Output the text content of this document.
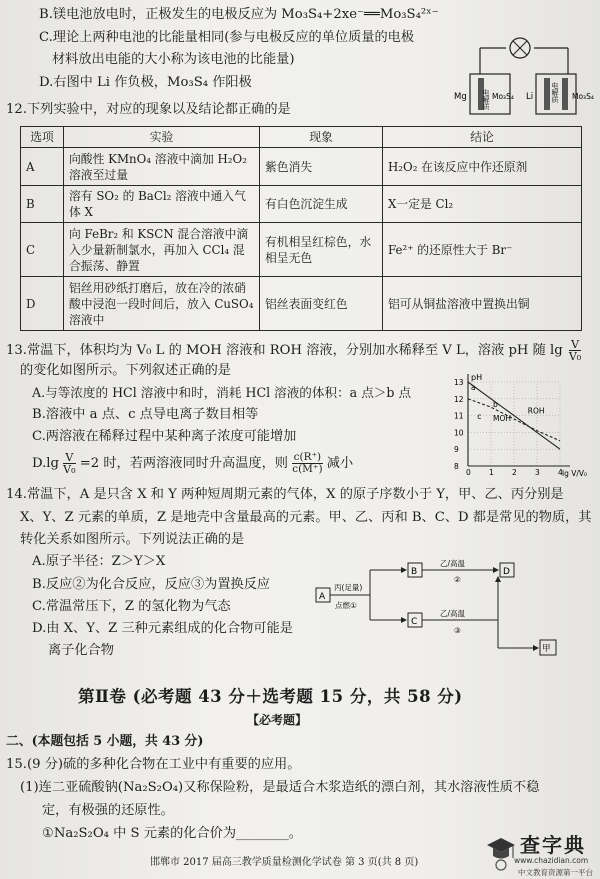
B.镁电池放电时，正极发生的电极反应为 Mo₃S₄+2xe⁻══Mo₃S₄²ˣ⁻
C.理论上两种电池的比能量相同(参与电极反应的单位质量的电极
材料放出电能的大小称为该电池的比能量)
D.右图中 Li 作负极，Mo₃S₄ 作阳极
Mg 电解质 Mo₃S₄ Li	电解质 Mo₃S₄
12.下列实验中，对应的现象以及结论都正确的是
选项	实验	现象	结论
A	向酸性 KMnO₄ 溶液中滴加 H₂O₂ 溶液至过量	紫色消失	H₂O₂ 在该反应中作还原剂
B	溶有 SO₂ 的 BaCl₂ 溶液中通入气体 X	有白色沉淀生成	X一定是 Cl₂
C	向 FeBr₂ 和 KSCN 混合溶液中滴入少量新制氯水，再加入 CCl₄ 混合振荡、静置	有机相呈红棕色，水相呈无色	Fe²⁺ 的还原性大于 Br⁻
D	铝丝用砂纸打磨后，放在冷的浓硝酸中浸泡一段时间后，放入 CuSO₄ 溶液中	铝丝表面变红色	铝可从铜盐溶液中置换出铜
13.常温下，体积均为 V₀ L 的 MOH 溶液和 ROH 溶液，分别加水稀释至 V L，溶液 pH 随 $\lg \frac{V}{\text{V₀}}$
的变化如图所示。下列叙述正确的是
A.与等浓度的 HCl 溶液中和时，消耗 HCl 溶液的体积：a 点＞b 点
B.溶液中 a 点、c 点导电离子数目相等
C.两溶液在稀释过程中某种离子浓度可能增加
$D.\lg \frac{V}{\text{V₀}} =2$ 时，若两溶液同时升高温度，则 $\frac{c(R^+)}{c(M^+)}$ 减小
pH
lg V/V₀
13
12
11
10
9
8
0 1 2 3 4
ROH
MOH
a
b
c
14.常温下，A 是只含 X 和 Y 两种短周期元素的气体，X 的原子序数小于 Y，甲、乙、丙分别是
X、Y、Z 元素的单质，Z 是地壳中含量最高的元素。甲、乙、丙和 B、C、D 都是常见的物质，其
转化关系如图所示。下列说法正确的是
A.原子半径：Z＞Y＞X
B.反应②为化合反应，反应③为置换反应
C.常温常压下，Z 的氢化物为气态
D.由 X、Y、Z 三种元素组成的化合物可能是
离子化合物
A
丙(足量)
点燃①
B
乙/高温
②
D
C
乙/高温
③
甲
第Ⅱ卷 (必考题 43 分＋选考题 15 分，共 58 分)
【必考题】
二、(本题包括 5 小题，共 43 分)
15.(9 分)硫的多种化合物在工业中有重要的应用。
(1)连二亚硫酸钠(Na₂S₂O₄)又称保险粉，是最适合木浆造纸的漂白剂，其水溶液性质不稳
定，有极强的还原性。
①Na₂S₂O₄ 中 S 元素的化合价为________。
邯郸市 2017 届高三教学质量检测化学试卷 第 3 页(共 8 页)
查字典
www.chazidian.com
中文教育资源第一平台
